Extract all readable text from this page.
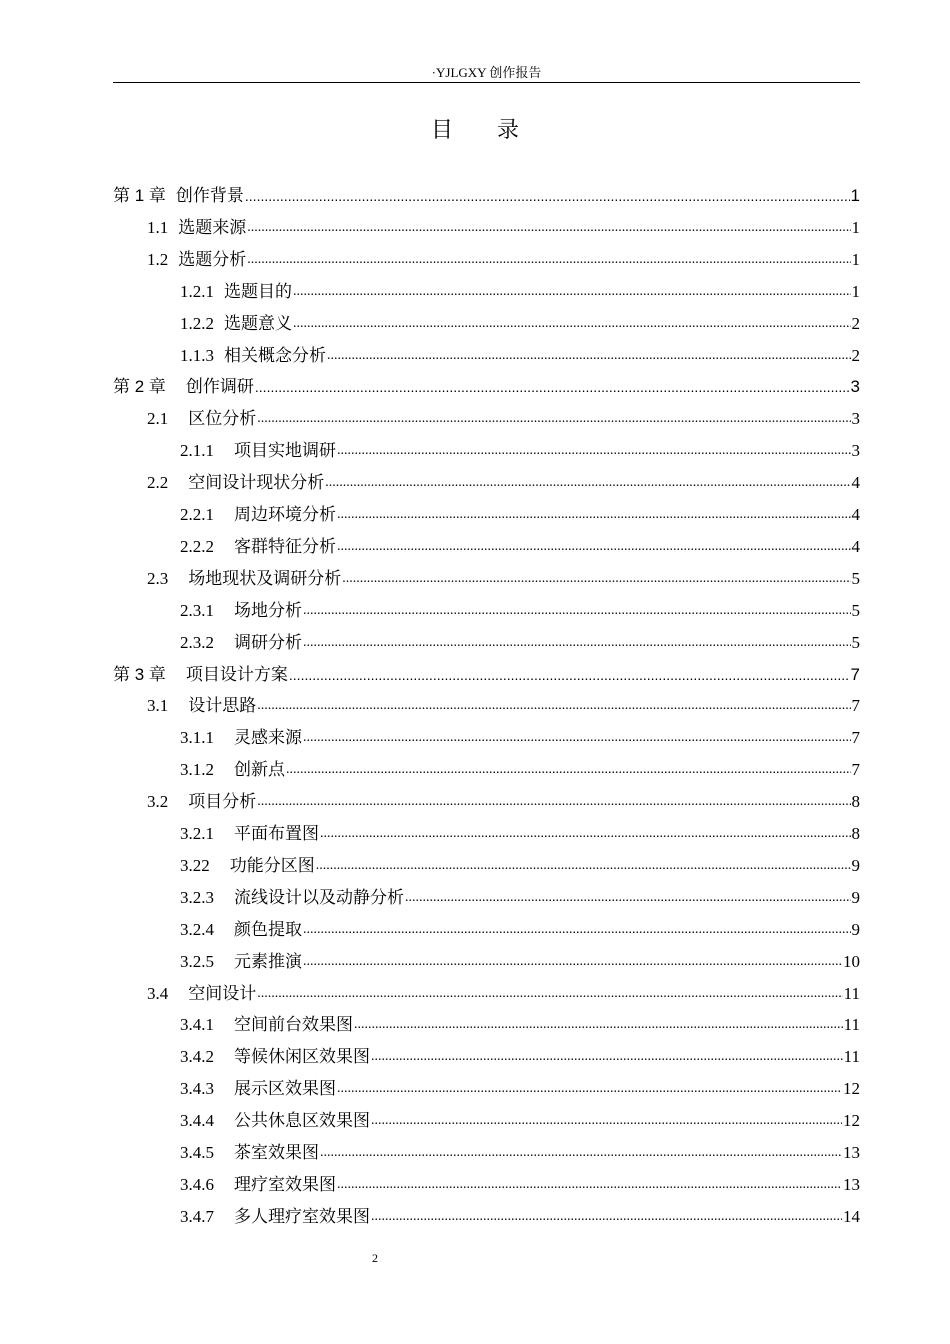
·YJLGXY 创作报告
目 录
第 1 章 创作背景 .....	1
1.1 选题来源 .....	1
1.2 选题分析 .....	1
1.2.1 选题目的 .....	1
1.2.2 选题意义 .....	2
1.1.3 相关概念分析 .....	2
第 2 章 创作调研 .....	3
2.1 区位分析 .....	3
2.1.1 项目实地调研 .....	3
2.2 空间设计现状分析 .....	4
2.2.1 周边环境分析 .....	4
2.2.2 客群特征分析 .....	4
2.3 场地现状及调研分析 .....	5
2.3.1 场地分析 .....	5
2.3.2 调研分析 .....	5
第 3 章 项目设计方案 .....	7
3.1 设计思路 .....	7
3.1.1 灵感来源 .....	7
3.1.2 创新点 .....	7
3.2 项目分析 .....	8
3.2.1 平面布置图 .....	8
3.22 功能分区图 .....	9
3.2.3 流线设计以及动静分析 .....	9
3.2.4 颜色提取 .....	9
3.2.5 元素推演 .....	10
3.4 空间设计 .....	11
3.4.1 空间前台效果图 .....	11
3.4.2 等候休闲区效果图 .....	11
3.4.3 展示区效果图 .....	12
3.4.4 公共休息区效果图 .....	12
3.4.5 茶室效果图 .....	13
3.4.6 理疗室效果图 .....	13
3.4.7 多人理疗室效果图 .....	14
2
